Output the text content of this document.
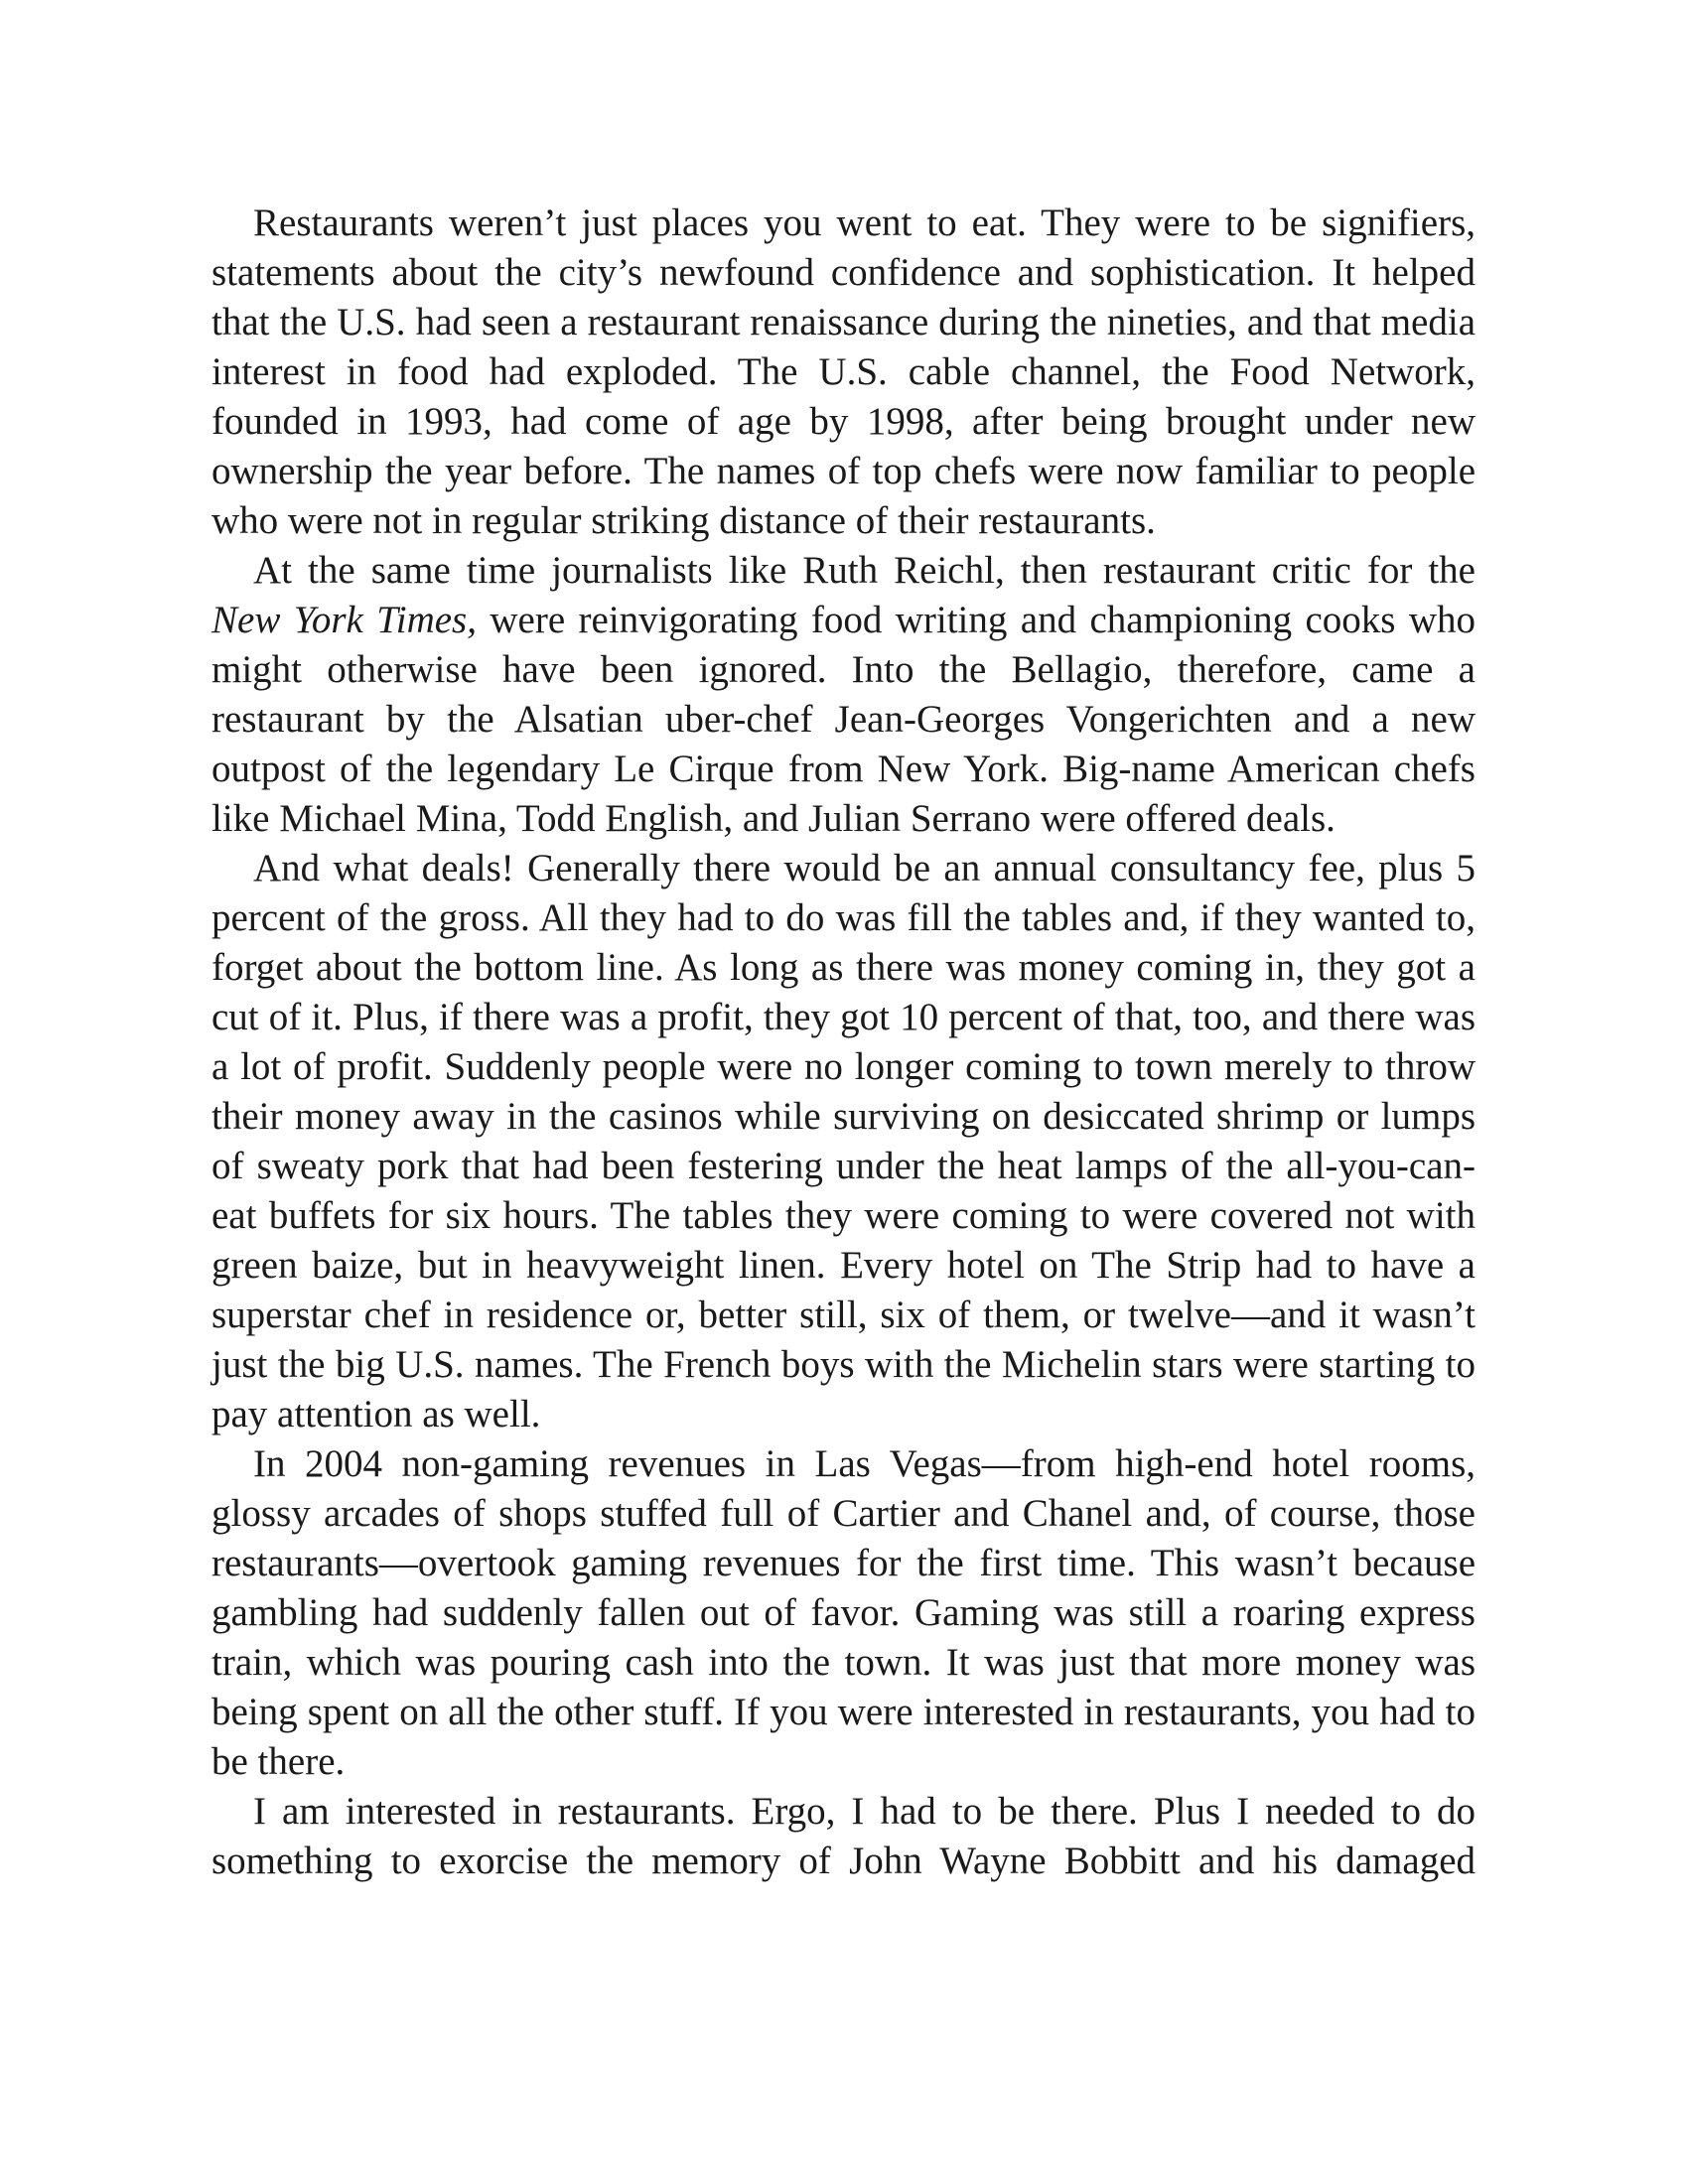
Restaurants weren’t just places you went to eat. They were to be signifiers, statements about the city’s newfound confidence and sophistication. It helped that the U.S. had seen a restaurant renaissance during the nineties, and that media interest in food had exploded. The U.S. cable channel, the Food Network, founded in 1993, had come of age by 1998, after being brought under new ownership the year before. The names of top chefs were now familiar to people who were not in regular striking distance of their restaurants.

At the same time journalists like Ruth Reichl, then restaurant critic for the New York Times, were reinvigorating food writing and championing cooks who might otherwise have been ignored. Into the Bellagio, therefore, came a restaurant by the Alsatian uber-chef Jean-Georges Vongerichten and a new outpost of the legendary Le Cirque from New York. Big-name American chefs like Michael Mina, Todd English, and Julian Serrano were offered deals.

And what deals! Generally there would be an annual consultancy fee, plus 5 percent of the gross. All they had to do was fill the tables and, if they wanted to, forget about the bottom line. As long as there was money coming in, they got a cut of it. Plus, if there was a profit, they got 10 percent of that, too, and there was a lot of profit. Suddenly people were no longer coming to town merely to throw their money away in the casinos while surviving on desiccated shrimp or lumps of sweaty pork that had been festering under the heat lamps of the all-you-can-eat buffets for six hours. The tables they were coming to were covered not with green baize, but in heavyweight linen. Every hotel on The Strip had to have a superstar chef in residence or, better still, six of them, or twelve—and it wasn’t just the big U.S. names. The French boys with the Michelin stars were starting to pay attention as well.

In 2004 non-gaming revenues in Las Vegas—from high-end hotel rooms, glossy arcades of shops stuffed full of Cartier and Chanel and, of course, those restaurants—overtook gaming revenues for the first time. This wasn’t because gambling had suddenly fallen out of favor. Gaming was still a roaring express train, which was pouring cash into the town. It was just that more money was being spent on all the other stuff. If you were interested in restaurants, you had to be there.

I am interested in restaurants. Ergo, I had to be there. Plus I needed to do something to exorcise the memory of John Wayne Bobbitt and his damaged
